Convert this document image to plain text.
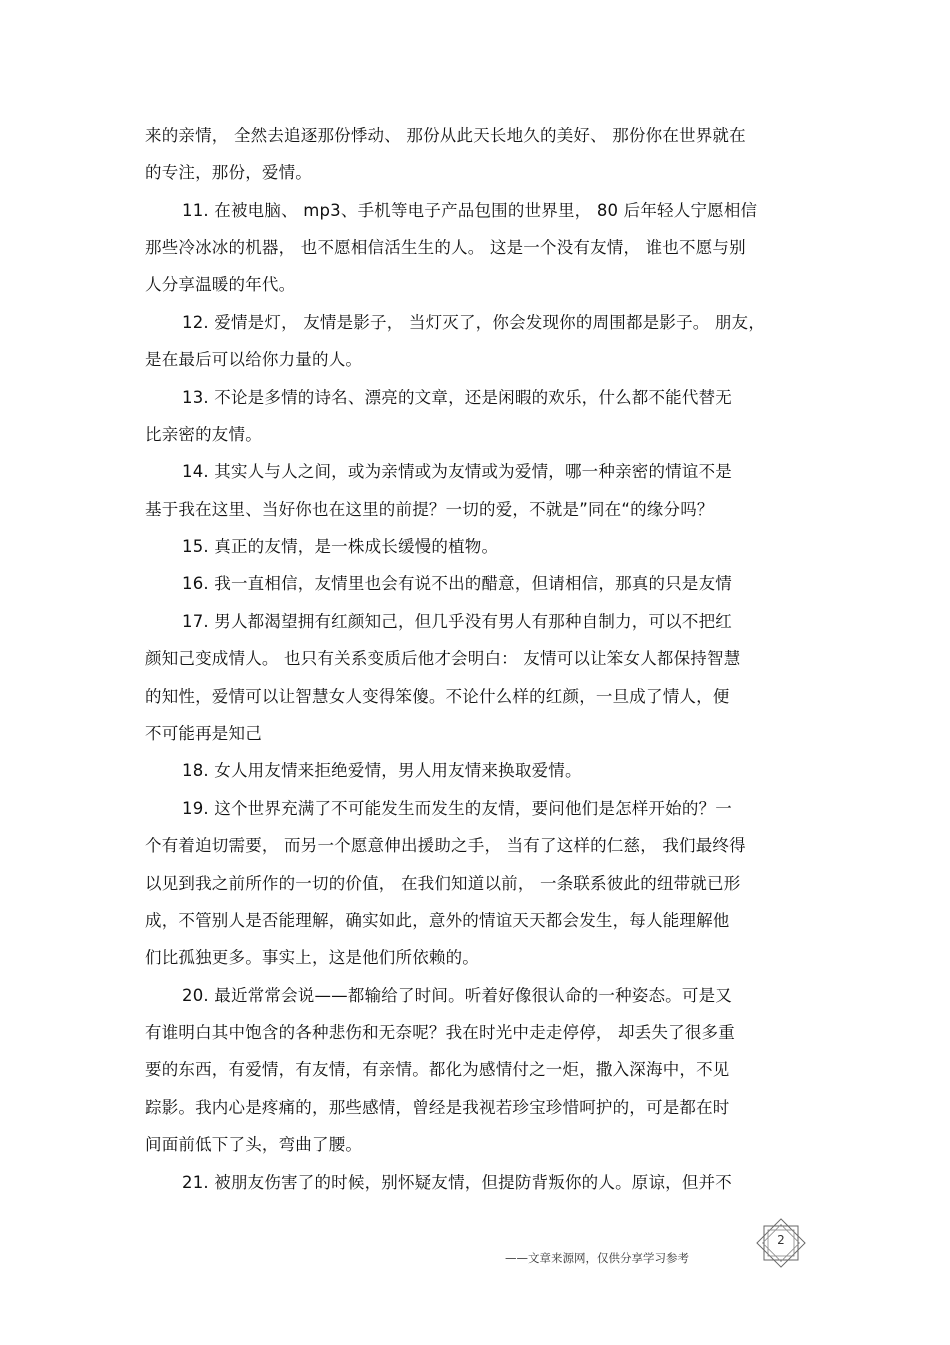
来的亲情， 全然去追逐那份悸动、 那份从此天长地久的美好、 那份你在世界就在
的专注，那份，爱情。
11. 在被电脑、 mp3、手机等电子产品包围的世界里， 80 后年轻人宁愿相信
那些冷冰冰的机器， 也不愿相信活生生的人。 这是一个没有友情， 谁也不愿与别
人分享温暖的年代。
12. 爱情是灯， 友情是影子， 当灯灭了，你会发现你的周围都是影子。 朋友，
是在最后可以给你力量的人。
13. 不论是多情的诗名、漂亮的文章，还是闲暇的欢乐，什么都不能代替无
比亲密的友情。
14. 其实人与人之间，或为亲情或为友情或为爱情，哪一种亲密的情谊不是
基于我在这里、当好你也在这里的前提？一切的爱，不就是”同在“的缘分吗？
15. 真正的友情，是一株成长缓慢的植物。
16. 我一直相信，友情里也会有说不出的醋意，但请相信，那真的只是友情
17. 男人都渴望拥有红颜知己，但几乎没有男人有那种自制力，可以不把红
颜知己变成情人。 也只有关系变质后他才会明白： 友情可以让笨女人都保持智慧
的知性，爱情可以让智慧女人变得笨傻。不论什么样的红颜，一旦成了情人，便
不可能再是知己
18. 女人用友情来拒绝爱情，男人用友情来换取爱情。
19. 这个世界充满了不可能发生而发生的友情，要问他们是怎样开始的？一
个有着迫切需要， 而另一个愿意伸出援助之手， 当有了这样的仁慈， 我们最终得
以见到我之前所作的一切的价值， 在我们知道以前， 一条联系彼此的纽带就已形
成，不管别人是否能理解，确实如此，意外的情谊天天都会发生，每人能理解他
们比孤独更多。事实上，这是他们所依赖的。
20. 最近常常会说——都输给了时间。听着好像很认命的一种姿态。可是又
有谁明白其中饱含的各种悲伤和无奈呢？我在时光中走走停停， 却丢失了很多重
要的东西，有爱情，有友情，有亲情。都化为感情付之一炬，撒入深海中，不见
踪影。我内心是疼痛的，那些感情，曾经是我视若珍宝珍惜呵护的，可是都在时
间面前低下了头，弯曲了腰。
21. 被朋友伤害了的时候，别怀疑友情，但提防背叛你的人。原谅，但并不
2
——文章来源网，仅供分享学习参考
